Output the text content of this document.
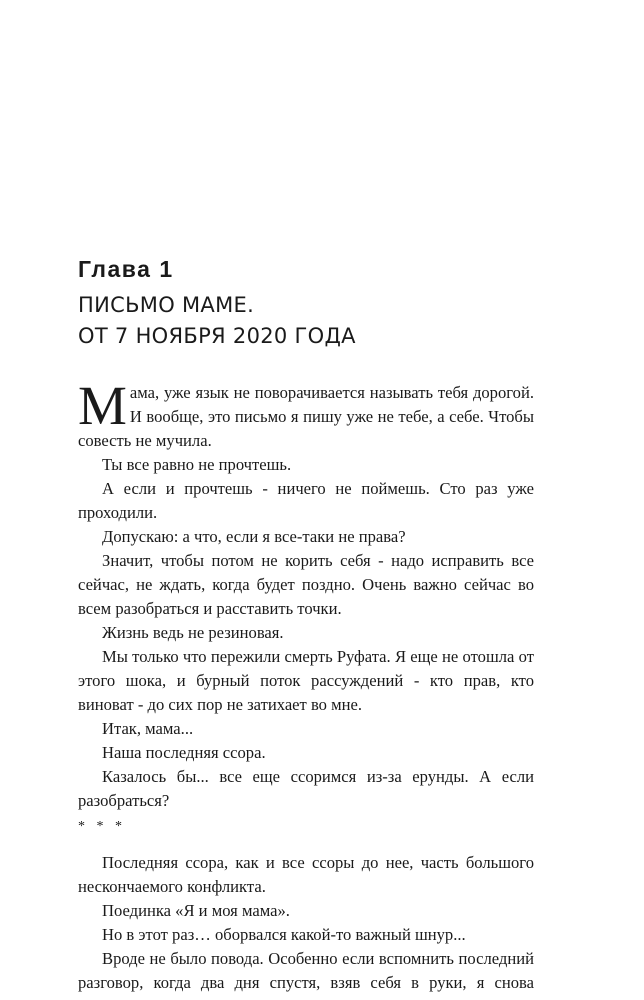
Глава 1
ПИСЬМО МАМЕ.
ОТ 7 НОЯБРЯ 2020 ГОДА

Мама, уже язык не поворачивается называть тебя дорогой. И вообще, это письмо я пишу уже не тебе, а себе. Чтобы совесть не мучила.

Ты все равно не прочтешь.

А если и прочтешь - ничего не поймешь. Сто раз уже проходили.

Допускаю: а что, если я все-таки не права?

Значит, чтобы потом не корить себя - надо исправить все сейчас, не ждать, когда будет поздно. Очень важно сейчас во всем разобраться и расставить точки.

Жизнь ведь не резиновая.

Мы только что пережили смерть Руфата. Я еще не отошла от этого шока, и бурный поток рассуждений - кто прав, кто виноват - до сих пор не затихает во мне.

Итак, мама...

Наша последняя ссора.

Казалось бы... все еще ссоримся из-за ерунды. А если разобраться?

* * *

Последняя ссора, как и все ссоры до нее, часть большого нескончаемого конфликта.

Поединка «Я и моя мама».

Но в этот раз… оборвался какой-то важный шнур...

Вроде не было повода. Особенно если вспомнить последний разговор, когда два дня спустя, взяв себя в руки, я снова
